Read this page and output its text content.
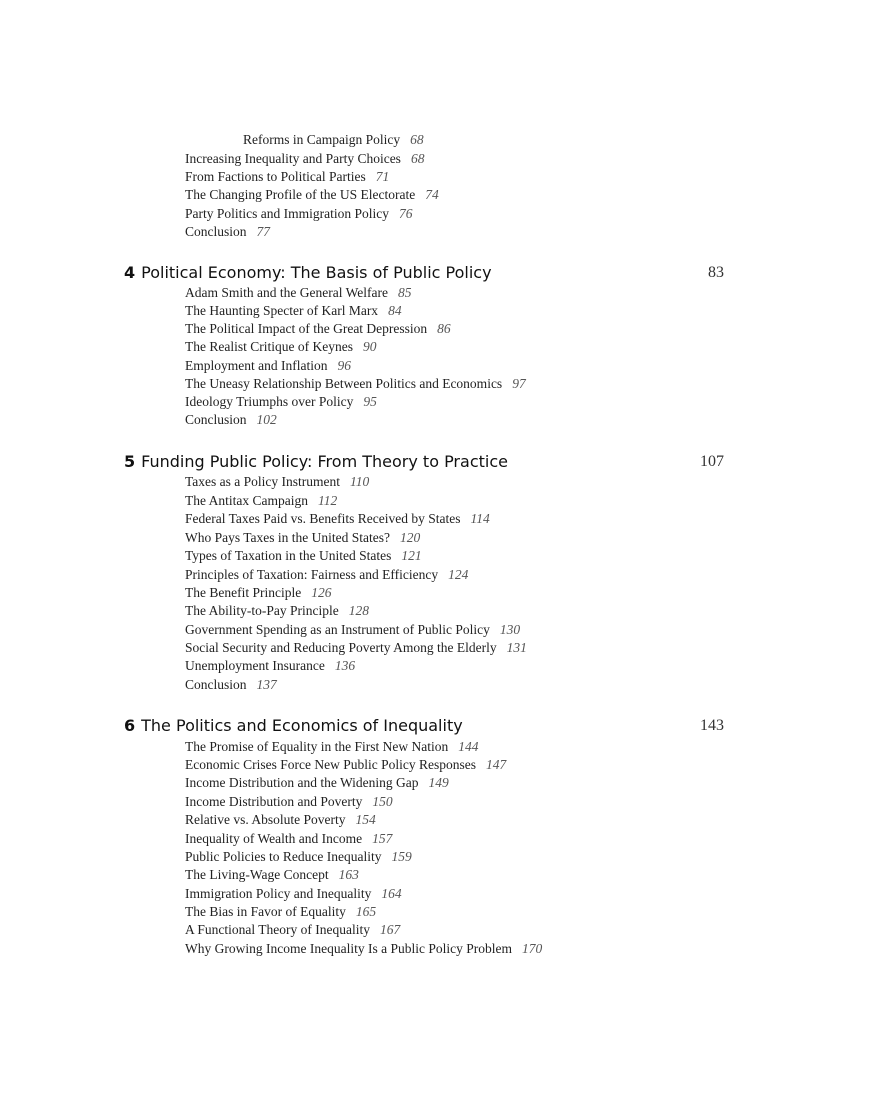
Reforms in Campaign Policy 68
Increasing Inequality and Party Choices 68
From Factions to Political Parties 71
The Changing Profile of the US Electorate 74
Party Politics and Immigration Policy 76
Conclusion 77
4 Political Economy: The Basis of Public Policy	83
Adam Smith and the General Welfare 85
The Haunting Specter of Karl Marx 84
The Political Impact of the Great Depression 86
The Realist Critique of Keynes 90
Employment and Inflation 96
The Uneasy Relationship Between Politics and Economics 97
Ideology Triumphs over Policy 95
Conclusion 102
5 Funding Public Policy: From Theory to Practice	107
Taxes as a Policy Instrument 110
The Antitax Campaign 112
Federal Taxes Paid vs. Benefits Received by States 114
Who Pays Taxes in the United States? 120
Types of Taxation in the United States 121
Principles of Taxation: Fairness and Efficiency 124
The Benefit Principle 126
The Ability-to-Pay Principle 128
Government Spending as an Instrument of Public Policy 130
Social Security and Reducing Poverty Among the Elderly 131
Unemployment Insurance 136
Conclusion 137
6 The Politics and Economics of Inequality	143
The Promise of Equality in the First New Nation 144
Economic Crises Force New Public Policy Responses 147
Income Distribution and the Widening Gap 149
Income Distribution and Poverty 150
Relative vs. Absolute Poverty 154
Inequality of Wealth and Income 157
Public Policies to Reduce Inequality 159
The Living-Wage Concept 163
Immigration Policy and Inequality 164
The Bias in Favor of Equality 165
A Functional Theory of Inequality 167
Why Growing Income Inequality Is a Public Policy Problem 170
